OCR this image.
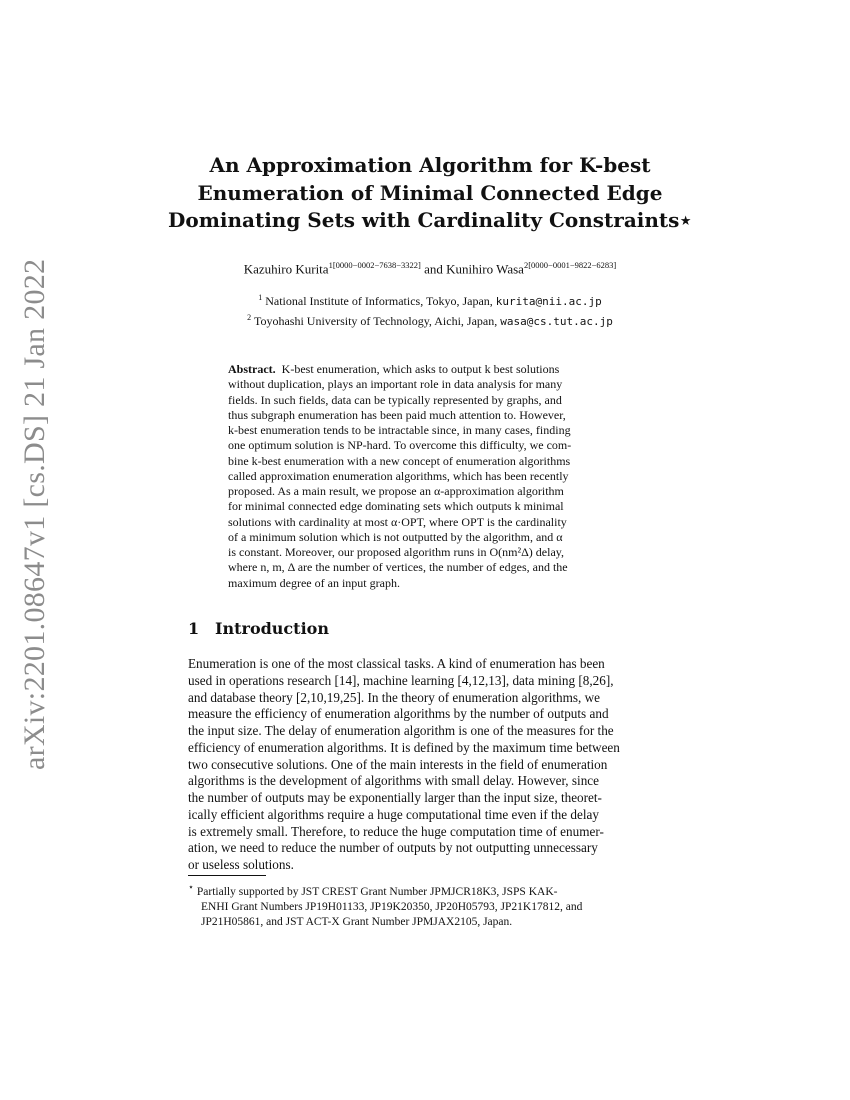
arXiv:2201.08647v1 [cs.DS] 21 Jan 2022
An Approximation Algorithm for K-best
Enumeration of Minimal Connected Edge
Dominating Sets with Cardinality Constraints⋆
Kazuhiro Kurita$^{1[0000-0002-7638-3322]}$ and Kunihiro Wasa$^{2[0000-0001-9822-6283]}$
$^1$ National Institute of Informatics, Tokyo, Japan, kurita@nii.ac.jp
$^2$ Toyohashi University of Technology, Aichi, Japan, wasa@cs.tut.ac.jp
Abstract. K-best enumeration, which asks to output k best solutions
without duplication, plays an important role in data analysis for many
fields. In such fields, data can be typically represented by graphs, and
thus subgraph enumeration has been paid much attention to. However,
k-best enumeration tends to be intractable since, in many cases, finding
one optimum solution is NP-hard. To overcome this difficulty, we com-
bine k-best enumeration with a new concept of enumeration algorithms
called approximation enumeration algorithms, which has been recently
proposed. As a main result, we propose an α-approximation algorithm
for minimal connected edge dominating sets which outputs k minimal
solutions with cardinality at most α·OPT, where OPT is the cardinality
of a minimum solution which is not outputted by the algorithm, and α
is constant. Moreover, our proposed algorithm runs in O(nm²Δ) delay,
where n, m, Δ are the number of vertices, the number of edges, and the
maximum degree of an input graph.
1 Introduction
Enumeration is one of the most classical tasks. A kind of enumeration has been
used in operations research [14], machine learning [4,12,13], data mining [8,26],
and database theory [2,10,19,25]. In the theory of enumeration algorithms, we
measure the efficiency of enumeration algorithms by the number of outputs and
the input size. The delay of enumeration algorithm is one of the measures for the
efficiency of enumeration algorithms. It is defined by the maximum time between
two consecutive solutions. One of the main interests in the field of enumeration
algorithms is the development of algorithms with small delay. However, since
the number of outputs may be exponentially larger than the input size, theoret-
ically efficient algorithms require a huge computational time even if the delay
is extremely small. Therefore, to reduce the huge computation time of enumer-
ation, we need to reduce the number of outputs by not outputting unnecessary
or useless solutions.
⋆ Partially supported by JST CREST Grant Number JPMJCR18K3, JSPS KAK-
ENHI Grant Numbers JP19H01133, JP19K20350, JP20H05793, JP21K17812, and
JP21H05861, and JST ACT-X Grant Number JPMJAX2105, Japan.
